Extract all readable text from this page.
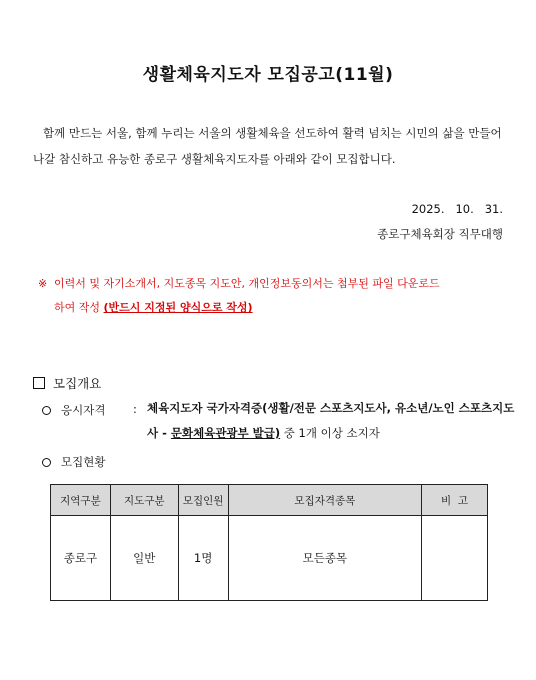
생활체육지도자 모집공고(11월)
함께 만드는 서울, 함께 누리는 서울의 생활체육을 선도하여 활력 넘치는 시민의 삶을 만들어 나갈 참신하고 유능한 종로구 생활체육지도자를 아래와 같이 모집합니다.
2025.   10.   31.
종로구체육회장 직무대행
※ 이력서 및 자기소개서, 지도종목 지도안, 개인정보동의서는 첨부된 파일 다운로드
하여 작성 (반드시 지정된 양식으로 작성)
모집개요
응시자격	: 체육지도자 국가자격증(생활/전문 스포츠지도사, 유소년/노인 스포츠지도사 - 문화체육관광부 발급) 중 1개 이상 소지자
모집현황
지역구분	지도구분	모집인원	모집자격종목	비  고
종로구	일반	1명	모든종목	
